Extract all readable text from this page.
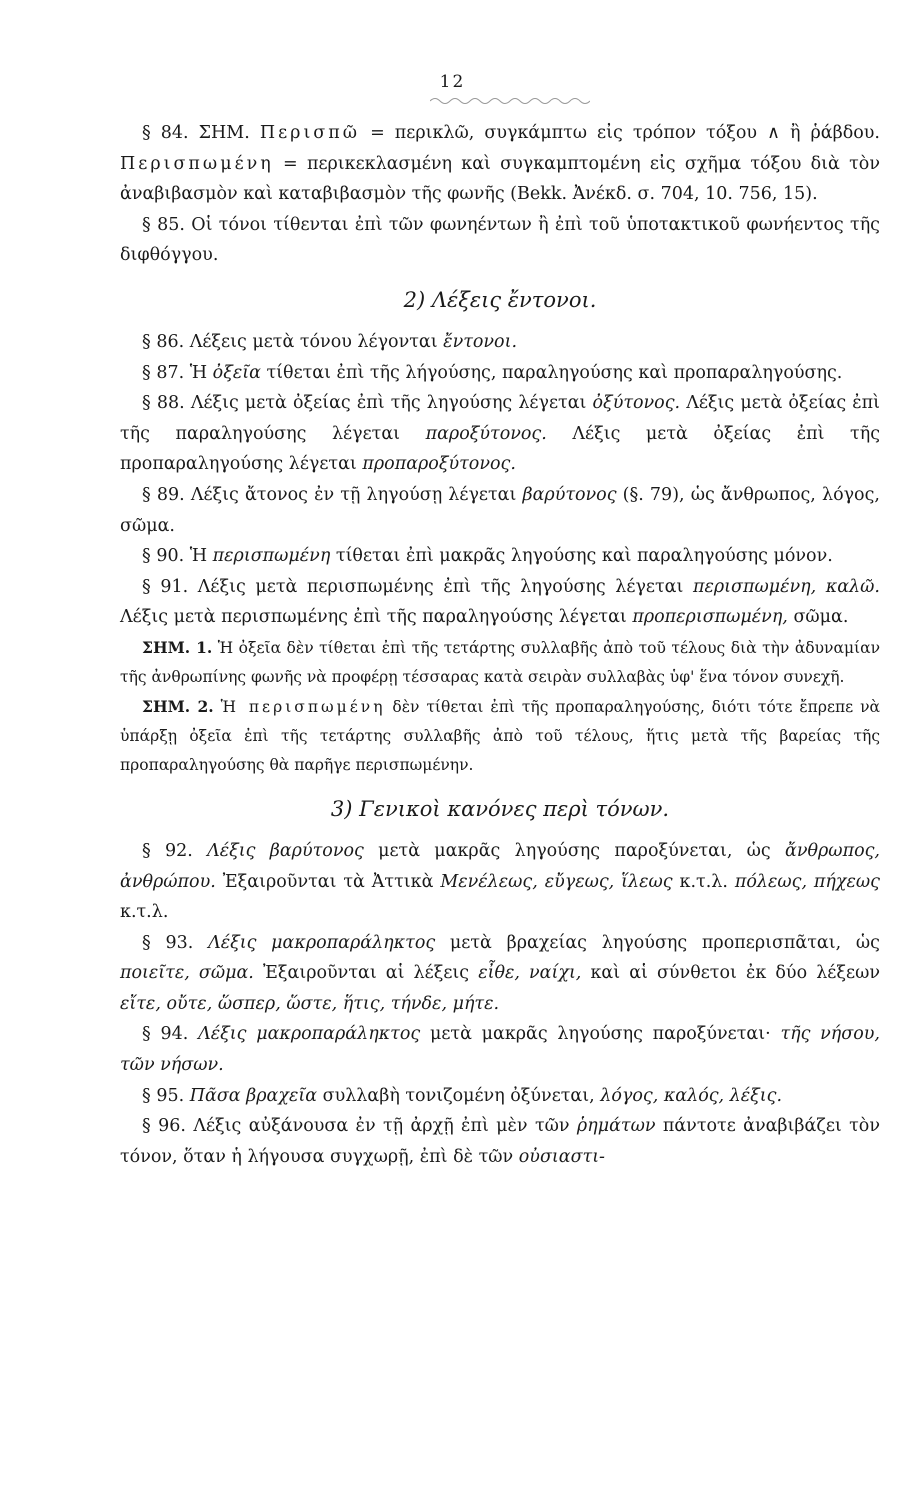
12

§ 84. ΣΗΜ. Περισπῶ = περικλῶ, συγκάμπτω εἰς τρόπον τόξου ∧ ἢ ῥάβδου. Περισπωμένη = περικεκλασμένη καὶ συγκαμπτομένη εἰς σχῆμα τόξου διὰ τὸν ἀναβιβασμὸν καὶ καταβιβασμὸν τῆς φωνῆς (Bekk. Ἀνέκδ. σ. 704, 10. 756, 15).

§ 85. Οἱ τόνοι τίθενται ἐπὶ τῶν φωνηέντων ἢ ἐπὶ τοῦ ὑποτακτικοῦ φωνήεντος τῆς διφθόγγου.

2) Λέξεις ἔντονοι.

§ 86. Λέξεις μετὰ τόνου λέγονται ἔντονοι.

§ 87. Ἡ ὀξεῖα τίθεται ἐπὶ τῆς λήγούσης, παραληγούσης καὶ προπαραληγούσης.

§ 88. Λέξις μετὰ ὀξείας ἐπὶ τῆς ληγούσης λέγεται ὀξύτονος. Λέξις μετὰ ὀξείας ἐπὶ τῆς παραληγούσης λέγεται παροξύτονος. Λέξις μετὰ ὀξείας ἐπὶ τῆς προπαραληγούσης λέγεται προπαροξύτονος.

§ 89. Λέξις ἄτονος ἐν τῇ ληγούσῃ λέγεται βαρύτονος (§. 79), ὡς ἄνθρωπος, λόγος, σῶμα.

§ 90. Ἡ περισπωμένη τίθεται ἐπὶ μακρᾶς ληγούσης καὶ παραληγούσης μόνον.

§ 91. Λέξις μετὰ περισπωμένης ἐπὶ τῆς ληγούσης λέγεται περισπωμένη, καλῶ. Λέξις μετὰ περισπωμένης ἐπὶ τῆς παραληγούσης λέγεται προπερισπωμένη, σῶμα.

ΣΗΜ. 1. Ἡ ὀξεῖα δὲν τίθεται ἐπὶ τῆς τετάρτης συλλαβῆς ἀπὸ τοῦ τέλους διὰ τὴν ἀδυναμίαν τῆς ἀνθρωπίνης φωνῆς νὰ προφέρῃ τέσσαρας κατὰ σειρὰν συλλαβὰς ὑφ' ἕνα τόνον συνεχῆ.

ΣΗΜ. 2. Ἡ περισπωμένη δὲν τίθεται ἐπὶ τῆς προπαραληγούσης, διότι τότε ἔπρεπε νὰ ὑπάρξῃ ὀξεῖα ἐπὶ τῆς τετάρτης συλλαβῆς ἀπὸ τοῦ τέλους, ἥτις μετὰ τῆς βαρείας τῆς προπαραληγούσης θὰ παρῆγε περισπωμένην.

3) Γενικοὶ κανόνες περὶ τόνων.

§ 92. Λέξις βαρύτονος μετὰ μακρᾶς ληγούσης παροξύνεται, ὡς ἄνθρωπος, ἀνθρώπου. Ἐξαιροῦνται τὰ Ἀττικὰ Μενέλεως, εὔγεως, ἵλεως κ.τ.λ. πόλεως, πήχεως κ.τ.λ.

§ 93. Λέξις μακροπαράληκτος μετὰ βραχείας ληγούσης προπερισπᾶται, ὡς ποιεῖτε, σῶμα. Ἐξαιροῦνται αἱ λέξεις εἶθε, ναίχι, καὶ αἱ σύνθετοι ἐκ δύο λέξεων εἴτε, οὔτε, ὥσπερ, ὥστε, ἥτις, τήνδε, μήτε.

§ 94. Λέξις μακροπαράληκτος μετὰ μακρᾶς ληγούσης παροξύνεται· τῆς νήσου, τῶν νήσων.

§ 95. Πᾶσα βραχεῖα συλλαβὴ τονιζομένη ὀξύνεται, λόγος, καλός, λέξις.

§ 96. Λέξις αὐξάνουσα ἐν τῇ ἀρχῇ ἐπὶ μὲν τῶν ῥημάτων πάντοτε ἀναβιβάζει τὸν τόνον, ὅταν ἡ λήγουσα συγχωρῇ, ἐπὶ δὲ τῶν οὐσιαστι-
